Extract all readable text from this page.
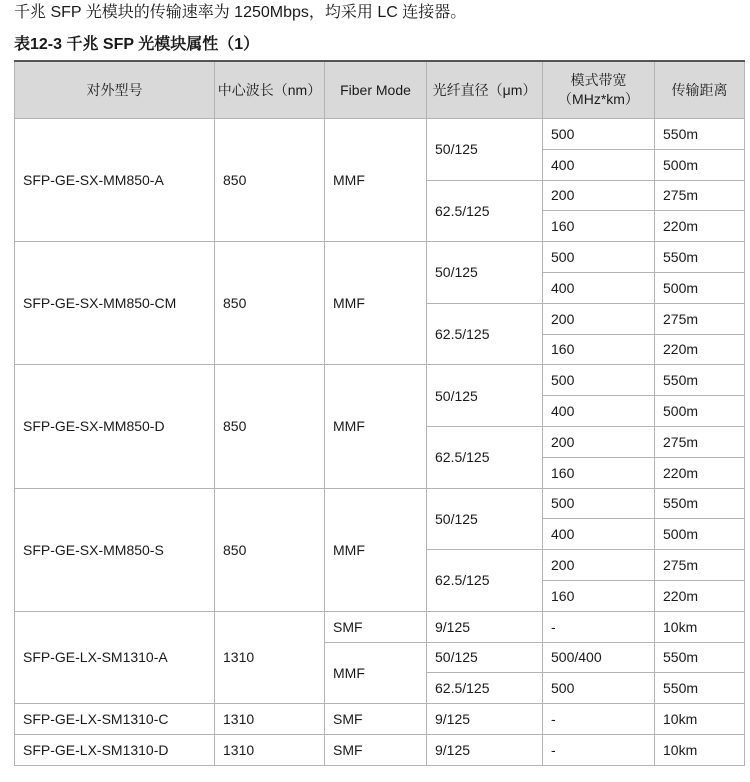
千兆 SFP 光模块的传输速率为 1250Mbps，均采用 LC 连接器。
表12-3 千兆 SFP 光模块属性（1）
对外型号	中心波长（nm）	Fiber Mode	光纤直径（μm）	模式带宽
（MHz*km）	传输距离
SFP-GE-SX-MM850-A	850	MMF	50/125	500	550m
				400	500m
			62.5/125	200	275m
				160	220m
SFP-GE-SX-MM850-CM	850	MMF	50/125	500	550m
				400	500m
			62.5/125	200	275m
				160	220m
SFP-GE-SX-MM850-D	850	MMF	50/125	500	550m
				400	500m
			62.5/125	200	275m
				160	220m
SFP-GE-SX-MM850-S	850	MMF	50/125	500	550m
				400	500m
			62.5/125	200	275m
				160	220m
SFP-GE-LX-SM1310-A	1310	SMF	9/125	-	10km
		MMF	50/125	500/400	550m
			62.5/125	500	550m
SFP-GE-LX-SM1310-C	1310	SMF	9/125	-	10km
SFP-GE-LX-SM1310-D	1310	SMF	9/125	-	10km
